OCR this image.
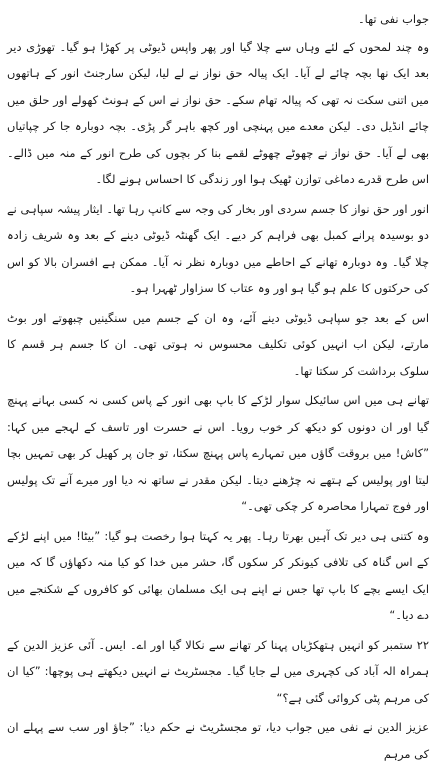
جواب نفی تھا۔

وہ چند لمحوں کے لئے وہاں سے چلا گیا اور پھر واپس ڈیوٹی پر کھڑا ہو گیا۔ تھوڑی دیر بعد ایک نھا بچہ چائے لے آیا۔ ایک پیالہ حق نواز نے لے لیا، لیکن سارجنٹ انور کے ہاتھوں میں اتنی سکت نہ تھی کہ پیالہ تھام سکے۔ حق نواز نے اس کے ہونٹ کھولے اور حلق میں چائے انڈیل دی۔ لیکن معدے میں پہنچی اور کچھ باہر گر پڑی۔ بچہ دوبارہ جا کر چپاتیاں بھی لے آیا۔ حق نواز نے چھوٹے چھوٹے لقمے بنا کر بچوں کی طرح انور کے منہ میں ڈالے۔ اس طرح قدرے دماغی توازن ٹھیک ہوا اور زندگی کا احساس ہونے لگا۔

انور اور حق نواز کا جسم سردی اور بخار کی وجہ سے کانپ رہا تھا۔ ایثار پیشہ سپاہی نے دو بوسیدہ پرانے کمبل بھی فراہم کر دیے۔ ایک گھنٹہ ڈیوٹی دینے کے بعد وہ شریف زادہ چلا گیا۔ وہ دوبارہ تھانے کے احاطے میں دوبارہ نظر نہ آیا۔ ممکن ہے افسران بالا کو اس کی حرکتوں کا علم ہو گیا ہو اور وہ عتاب کا سزاوار ٹھہرا ہو۔

اس کے بعد جو سپاہی ڈیوٹی دینے آئے، وہ ان کے جسم میں سنگینیں چبھوتے اور بوٹ مارتے، لیکن اب انہیں کوئی تکلیف محسوس نہ ہوتی تھی۔ ان کا جسم ہر قسم کا سلوک برداشت کر سکتا تھا۔

تھانے ہی میں اس سائیکل سوار لڑکے کا باپ بھی انور کے پاس کسی نہ کسی بہانے پہنچ گیا اور ان دونوں کو دیکھ کر خوب رویا۔ اس نے حسرت اور تاسف کے لہجے میں کہا: ”کاش! میں بروقت گاؤں میں تمہارے پاس پہنچ سکتا، تو جان پر کھیل کر بھی تمہیں بچا لیتا اور پولیس کے ہتھے نہ چڑھنے دیتا۔ لیکن مقدر نے ساتھ نہ دیا اور میرے آنے تک پولیس اور فوج تمہارا محاصرہ کر چکی تھی۔“

وہ کتنی ہی دیر تک آہیں بھرتا رہا۔ پھر یہ کہتا ہوا رخصت ہو گیا: ”بیٹا! میں اپنے لڑکے کے اس گناہ کی تلافی کیونکر کر سکوں گا، حشر میں خدا کو کیا منہ دکھاؤں گا کہ میں ایک ایسے بچے کا باپ تھا جس نے اپنے ہی ایک مسلمان بھائی کو کافروں کے شکنجے میں دے دیا۔“

۲۲ ستمبر کو انہیں ہتھکڑیاں پہنا کر تھانے سے نکالا گیا اور اے۔ ایس۔ آئی عزیز الدین کے ہمراہ الہ آباد کی کچہری میں لے جایا گیا۔ مجسٹریٹ نے انہیں دیکھتے ہی پوچھا: ”کیا ان کی مرہم پٹی کروائی گئی ہے؟“

عزیز الدین نے نفی میں جواب دیا، تو مجسٹریٹ نے حکم دیا: ”جاؤ اور سب سے پہلے ان کی مرہم
